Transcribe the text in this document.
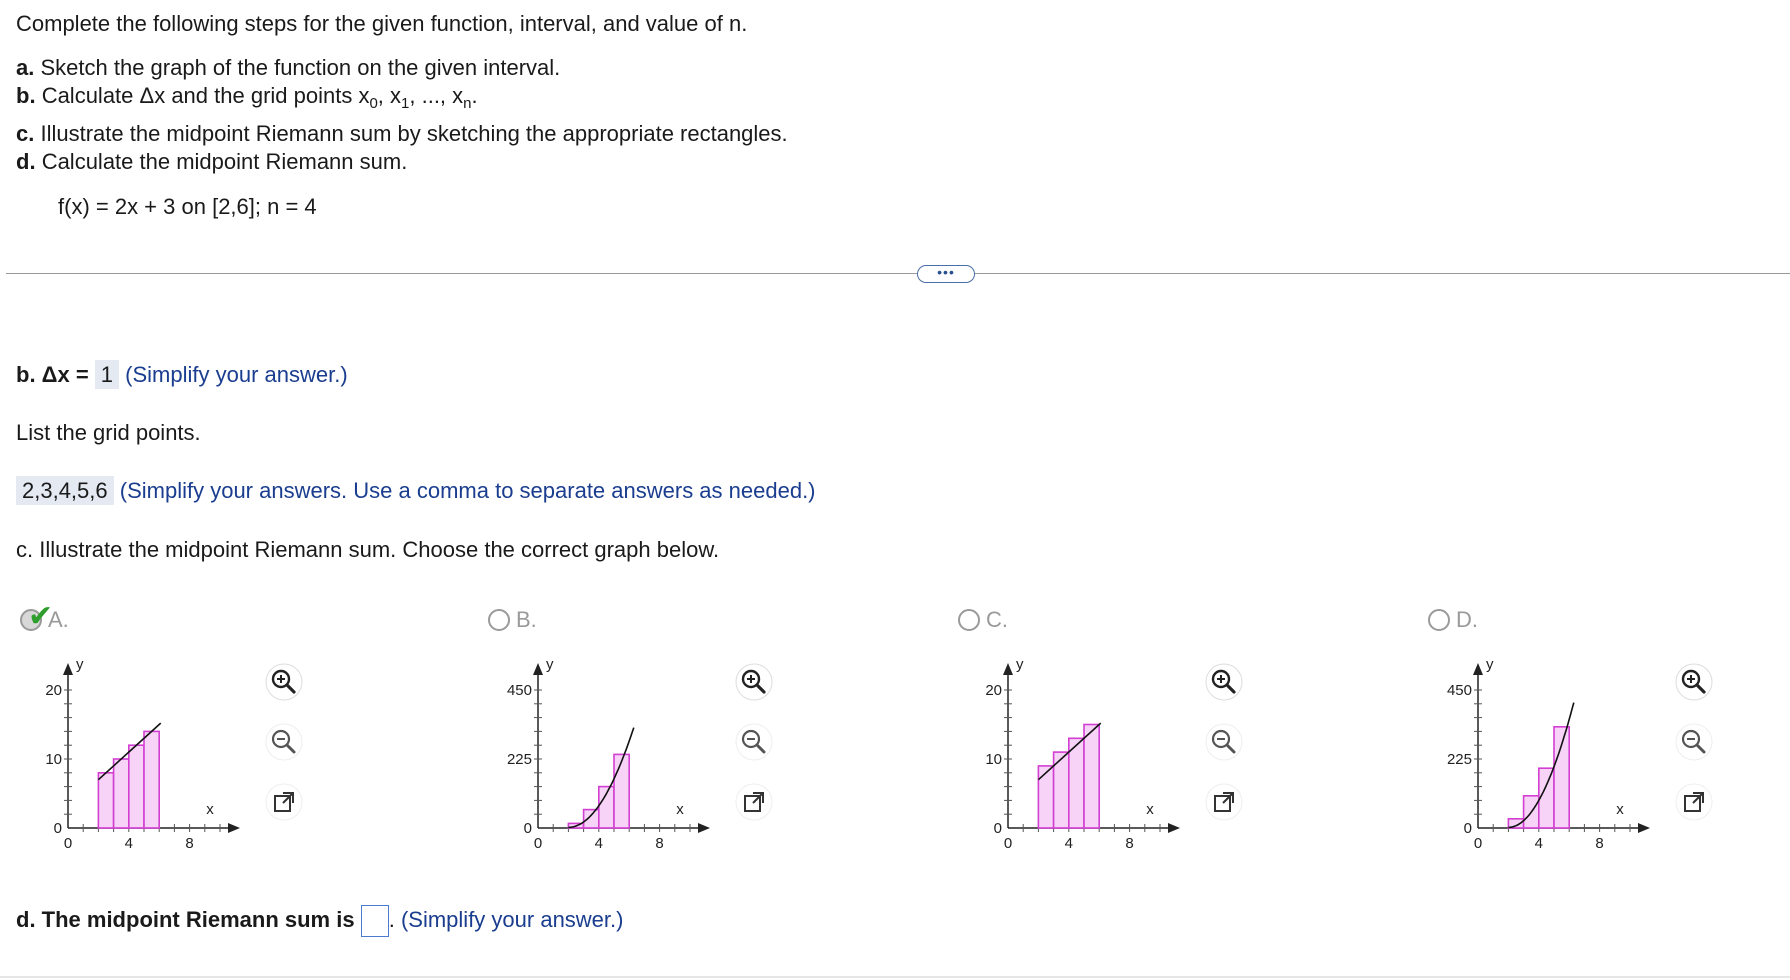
Complete the following steps for the given function, interval, and value of n.
a. Sketch the graph of the function on the given interval.
b. Calculate Δx and the grid points $x_0$, $x_1$, ..., $x_n$.
c. Illustrate the midpoint Riemann sum by sketching the appropriate rectangles.
d. Calculate the midpoint Riemann sum.
f(x) = 2x + 3 on [2,6]; n = 4
•••
b. Δx = 1 (Simplify your answer.)
List the grid points.
2,3,4,5,6 (Simplify your answers. Use a comma to separate answers as needed.)
c. Illustrate the midpoint Riemann sum. Choose the correct graph below.
✔
A.	B.	C.	D.
y
x
20
10
0
0	4	8
y
x
450
225
0
0	4	8
y
x
20
10
0
0	4	8
y
x
450
225
0
0	4	8
d. The midpoint Riemann sum is . (Simplify your answer.)
